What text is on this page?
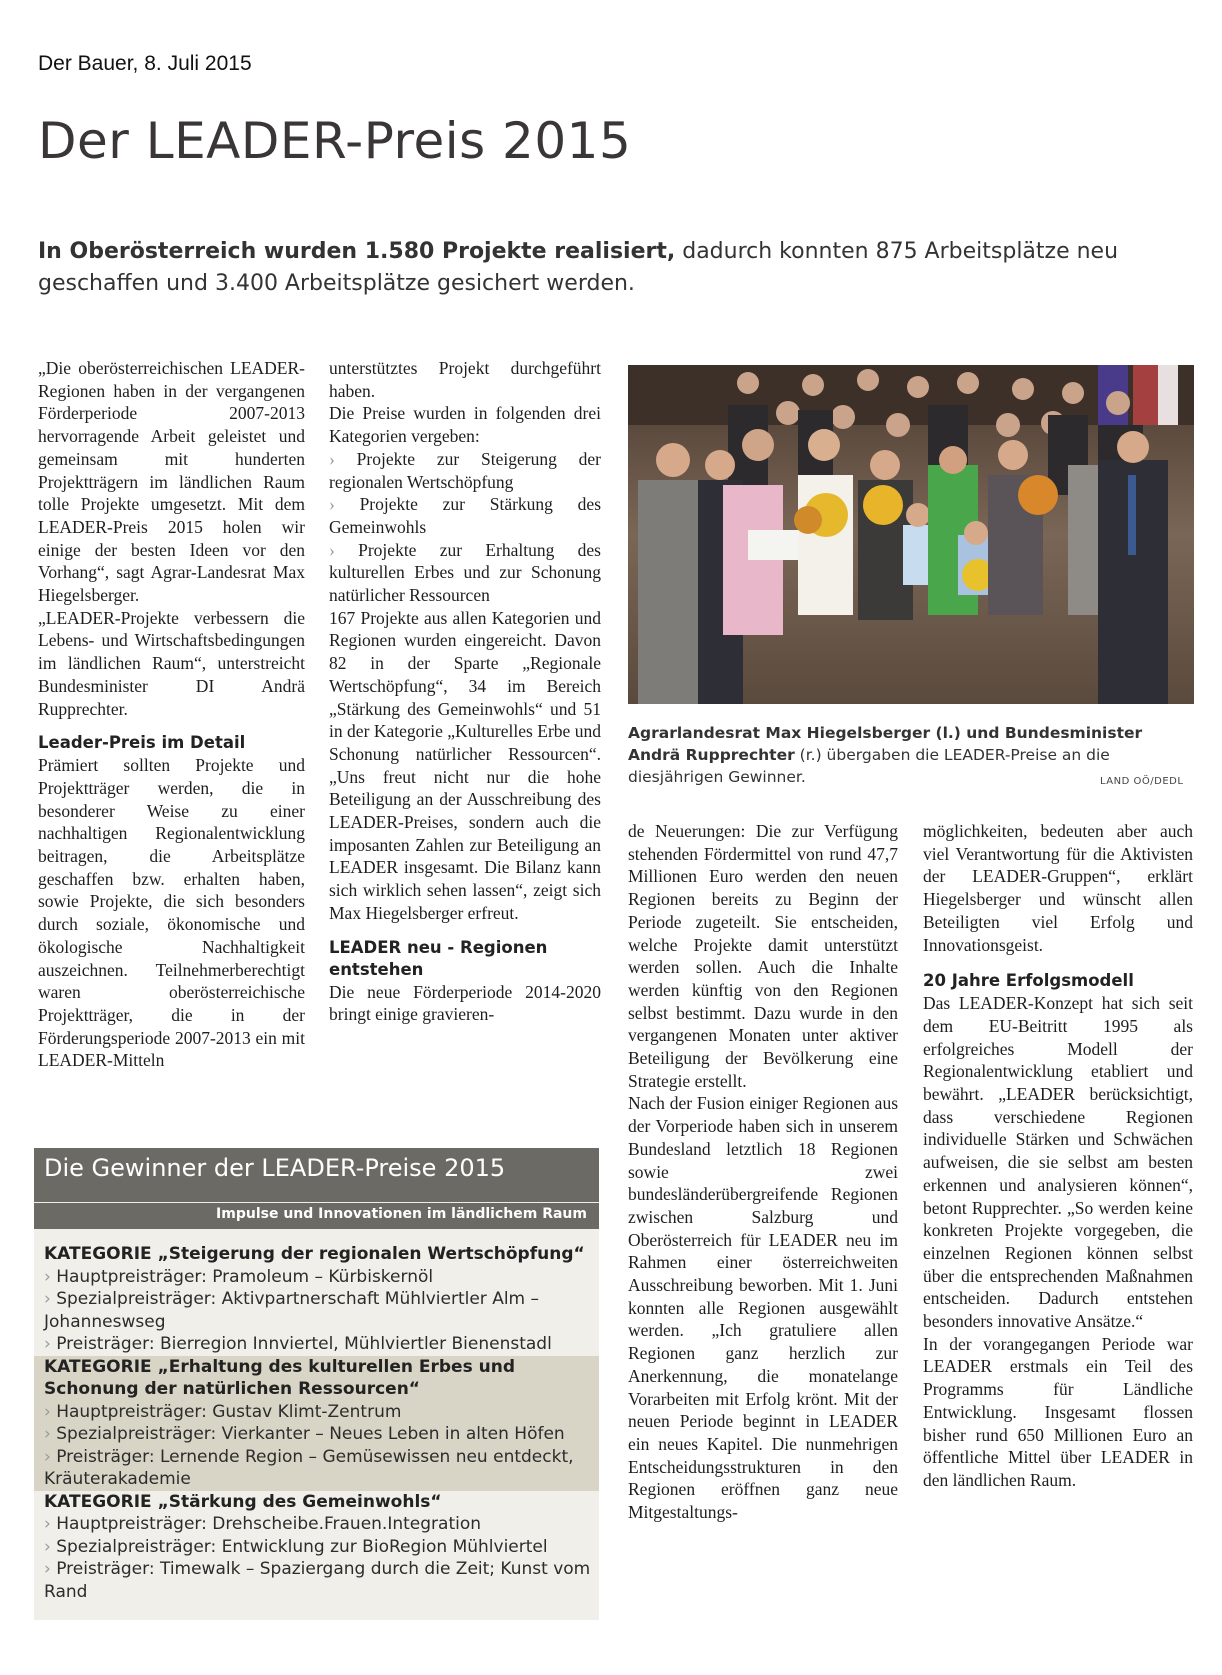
Der Bauer, 8. Juli 2015
Der LEADER-Preis 2015
In Oberösterreich wurden 1.580 Projekte realisiert, dadurch konnten 875 Arbeitsplätze neu geschaffen und 3.400 Arbeitsplätze gesichert werden.

„Die oberösterreichischen LEADER-Regionen haben in der vergangenen Förderperiode 2007-2013 hervorragende Arbeit geleistet und gemeinsam mit hunderten Projektträgern im ländlichen Raum tolle Projekte umgesetzt. Mit dem LEADER-Preis 2015 holen wir einige der besten Ideen vor den Vorhang“, sagt Agrar-Landesrat Max Hiegelsberger.

„LEADER-Projekte verbessern die Lebens- und Wirtschaftsbedingungen im ländlichen Raum“, unterstreicht Bundesminister DI Andrä Rupprechter.

Leader-Preis im Detail

Prämiert sollten Projekte und Projektträger werden, die in besonderer Weise zu einer nachhaltigen Regionalentwicklung beitragen, die Arbeitsplätze geschaffen bzw. erhalten haben, sowie Projekte, die sich besonders durch soziale, ökonomische und ökologische Nachhaltigkeit auszeichnen. Teilnehmerberechtigt waren oberösterreichische Projektträger, die in der Förderungsperiode 2007-2013 ein mit LEADER-Mitteln

unterstütztes Projekt durchgeführt haben.

Die Preise wurden in folgenden drei Kategorien vergeben:

› Projekte zur Steigerung der regionalen Wertschöpfung

› Projekte zur Stärkung des Gemeinwohls

› Projekte zur Erhaltung des kulturellen Erbes und zur Schonung natürlicher Ressourcen

167 Projekte aus allen Kategorien und Regionen wurden eingereicht. Davon 82 in der Sparte „Regionale Wertschöpfung“, 34 im Bereich „Stärkung des Gemeinwohls“ und 51 in der Kategorie „Kulturelles Erbe und Schonung natürlicher Ressourcen“. „Uns freut nicht nur die hohe Beteiligung an der Ausschreibung des LEADER-Preises, sondern auch die imposanten Zahlen zur Beteiligung an LEADER insgesamt. Die Bilanz kann sich wirklich sehen lassen“, zeigt sich Max Hiegelsberger erfreut.

LEADER neu - Regionen entstehen

Die neue Förderperiode 2014-2020 bringt einige gravieren-

Agrarlandesrat Max Hiegelsberger (l.) und Bundesminister Andrä Rupprechter (r.) übergaben die LEADER-Preise an die diesjährigen Gewinner.	LAND OÖ/DEDL

de Neuerungen: Die zur Verfügung stehenden Fördermittel von rund 47,7 Millionen Euro werden den neuen Regionen bereits zu Beginn der Periode zugeteilt. Sie entscheiden, welche Projekte damit unterstützt werden sollen. Auch die Inhalte werden künftig von den Regionen selbst bestimmt. Dazu wurde in den vergangenen Monaten unter aktiver Beteiligung der Bevölkerung eine Strategie erstellt.

Nach der Fusion einiger Regionen aus der Vorperiode haben sich in unserem Bundesland letztlich 18 Regionen sowie zwei bundesländerübergreifende Regionen zwischen Salzburg und Oberösterreich für LEADER neu im Rahmen einer österreichweiten Ausschreibung beworben. Mit 1. Juni konnten alle Regionen ausgewählt werden. „Ich gratuliere allen Regionen ganz herzlich zur Anerkennung, die monatelange Vorarbeiten mit Erfolg krönt. Mit der neuen Periode beginnt in LEADER ein neues Kapitel. Die nunmehrigen Entscheidungsstrukturen in den Regionen eröffnen ganz neue Mitgestaltungs-

möglichkeiten, bedeuten aber auch viel Verantwortung für die Aktivisten der LEADER-Gruppen“, erklärt Hiegelsberger und wünscht allen Beteiligten viel Erfolg und Innovationsgeist.

20 Jahre Erfolgsmodell

Das LEADER-Konzept hat sich seit dem EU-Beitritt 1995 als erfolgreiches Modell der Regionalentwicklung etabliert und bewährt. „LEADER berücksichtigt, dass verschiedene Regionen individuelle Stärken und Schwächen aufweisen, die sie selbst am besten erkennen und analysieren können“, betont Rupprechter. „So werden keine konkreten Projekte vorgegeben, die einzelnen Regionen können selbst über die entsprechenden Maßnahmen entscheiden. Dadurch entstehen besonders innovative Ansätze.“

In der vorangegangen Periode war LEADER erstmals ein Teil des Programms für Ländliche Entwicklung. Insgesamt flossen bisher rund 650 Millionen Euro an öffentliche Mittel über LEADER in den ländlichen Raum.

Die Gewinner der LEADER-Preise 2015
Impulse und Innovationen im ländlichem Raum
KATEGORIE „Steigerung der regionalen Wertschöpfung“
› Hauptpreisträger: Pramoleum – Kürbiskernöl
› Spezialpreisträger: Aktivpartnerschaft Mühlviertler Alm – Johanneswseg
› Preisträger: Bierregion Innviertel, Mühlviertler Bienenstadl
KATEGORIE „Erhaltung des kulturellen Erbes und Schonung der natürlichen Ressourcen“
› Hauptpreisträger: Gustav Klimt-Zentrum
› Spezialpreisträger: Vierkanter – Neues Leben in alten Höfen
› Preisträger: Lernende Region – Gemüsewissen neu entdeckt, Kräuterakademie
KATEGORIE „Stärkung des Gemeinwohls“
› Hauptpreisträger: Drehscheibe.Frauen.Integration
› Spezialpreisträger: Entwicklung zur BioRegion Mühlviertel
› Preisträger: Timewalk – Spaziergang durch die Zeit; Kunst vom Rand
